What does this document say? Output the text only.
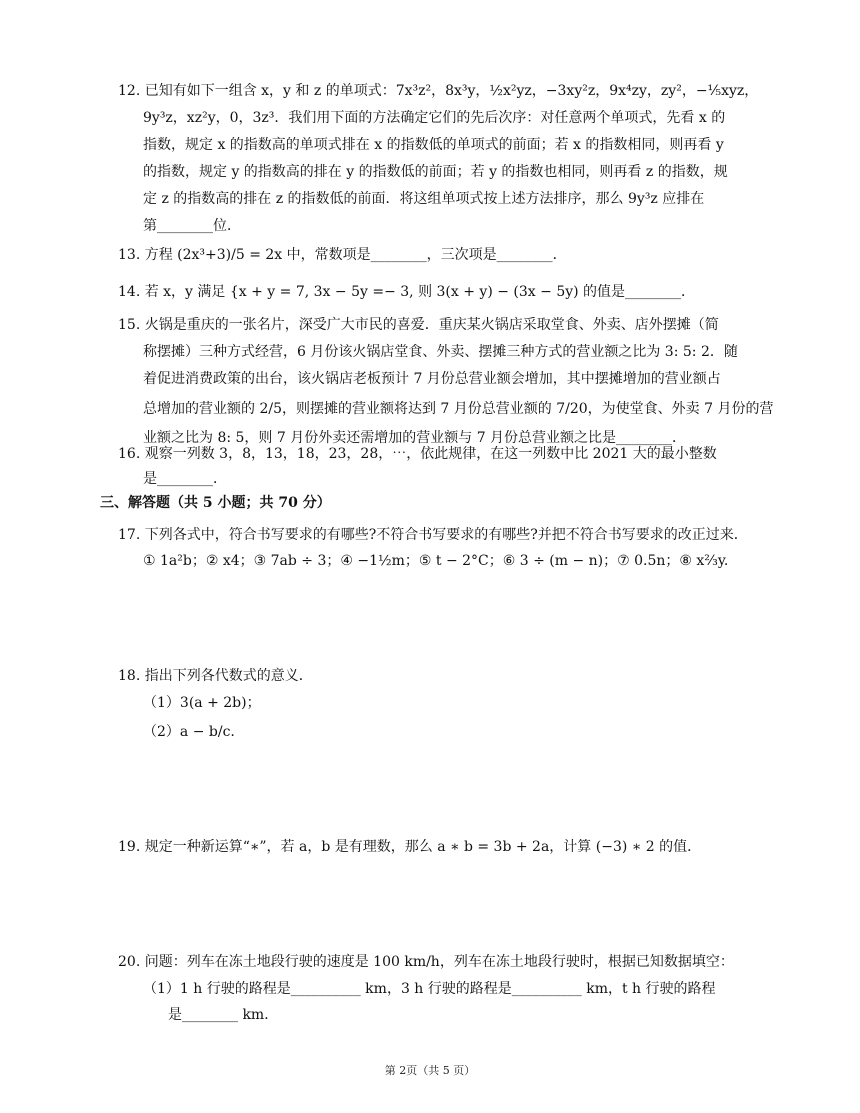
12. 已知有如下一组含 x，y 和 z 的单项式：7x³z²，8x³y，½x²yz，−3xy²z，9x⁴zy，zy²，−⅕xyz，
9y³z，xz²y，0，3z³．我们用下面的方法确定它们的先后次序：对任意两个单项式，先看 x 的
指数，规定 x 的指数高的单项式排在 x 的指数低的单项式的前面；若 x 的指数相同，则再看 y
的指数，规定 y 的指数高的排在 y 的指数低的前面；若 y 的指数也相同，则再看 z 的指数，规
定 z 的指数高的排在 z 的指数低的前面．将这组单项式按上述方法排序，那么 9y³z 应排在
第________位．
13. 方程 (2x³+3)/5 = 2x 中，常数项是________，三次项是________．
14. 若 x，y 满足 {x + y = 7, 3x − 5y =− 3, 则 3(x + y) − (3x − 5y) 的值是________．
15. 火锅是重庆的一张名片，深受广大市民的喜爱．重庆某火锅店采取堂食、外卖、店外摆摊（简
称摆摊）三种方式经营，6 月份该火锅店堂食、外卖、摆摊三种方式的营业额之比为 3: 5: 2．随
着促进消费政策的出台，该火锅店老板预计 7 月份总营业额会增加，其中摆摊增加的营业额占
总增加的营业额的 2/5，则摆摊的营业额将达到 7 月份总营业额的 7/20，为使堂食、外卖 7 月份的营
业额之比为 8: 5，则 7 月份外卖还需增加的营业额与 7 月份总营业额之比是________．
16. 观察一列数 3，8，13，18，23，28，⋯，依此规律，在这一列数中比 2021 大的最小整数
是________．
三、解答题（共 5 小题；共 70 分）
17. 下列各式中，符合书写要求的有哪些?不符合书写要求的有哪些?并把不符合书写要求的改正过来．
① 1a²b；② x4；③ 7ab ÷ 3；④ −1½m；⑤ t − 2°C；⑥ 3 ÷ (m − n)；⑦ 0.5n；⑧ x⅔y.
18. 指出下列各代数式的意义．
（1）3(a + 2b)；
（2）a − b/c.
19. 规定一种新运算“∗”，若 a，b 是有理数，那么 a ∗ b = 3b + 2a，计算 (−3) ∗ 2 的值．
20. 问题：列车在冻土地段行驶的速度是 100 km/h，列车在冻土地段行驶时，根据已知数据填空：
（1）1 h 行驶的路程是__________ km，3 h 行驶的路程是__________ km，t h 行驶的路程
是________ km．
第 2页（共 5 页）
